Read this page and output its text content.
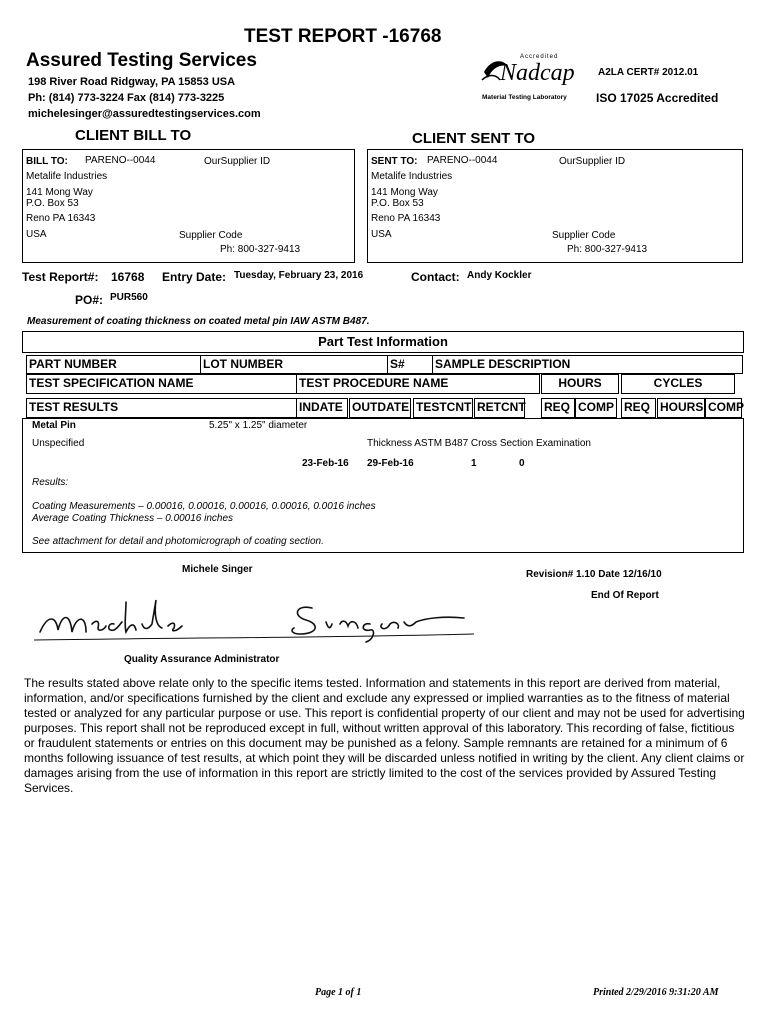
TEST REPORT -16768
Assured Testing Services
198 River Road Ridgway, PA 15853 USA
Ph: (814) 773-3224 Fax (814) 773-3225
michelesinger@assuredtestingservices.com
Accredited
Nadcap
Material Testing Laboratory
A2LA CERT# 2012.01
ISO 17025 Accredited
CLIENT BILL TO	CLIENT SENT TO
BILL TO: PARENO--0044	OurSupplier ID
Metalife Industries
141 Mong Way
P.O. Box 53
Reno PA 16343
USA	Supplier Code
Ph: 800-327-9413
SENT TO: PARENO--0044	OurSupplier ID
Metalife Industries
141 Mong Way
P.O. Box 53
Reno PA 16343
USA	Supplier Code
Ph: 800-327-9413
Test Report#: 16768 Entry Date: Tuesday, February 23, 2016	Contact: Andy Kockler
PO#: PUR560
Measurement of coating thickness on coated metal pin IAW ASTM B487.
Part Test Information
PART NUMBER	LOT NUMBER	S#	SAMPLE DESCRIPTION
TEST SPECIFICATION NAME	TEST PROCEDURE NAME	HOURS	CYCLES
TEST RESULTS	INDATE OUTDATE TESTCNT RETCNT REQ COMP REQ HOURS COMP
Metal Pin	5.25" x 1.25" diameter
Unspecified	Thickness ASTM B487 Cross Section Examination
23-Feb-16 29-Feb-16	1	0
Results:
Coating Measurements – 0.00016, 0.00016, 0.00016, 0.00016, 0.0016 inches
Average Coating Thickness – 0.00016 inches
See attachment for detail and photomicrograph of coating section.
Michele Singer	Revision# 1.10 Date 12/16/10
End Of Report
Quality Assurance Administrator
The results stated above relate only to the specific items tested. Information and statements in this report are derived from material, information, and/or specifications furnished by the client and exclude any expressed or implied warranties as to the fitness of material tested or analyzed for any particular purpose or use. This report is confidential property of our client and may not be used for advertising purposes. This report shall not be reproduced except in full, without written approval of this laboratory. This recording of false, fictitious or fraudulent statements or entries on this document may be punished as a felony. Sample remnants are retained for a minimum of 6 months following issuance of test results, at which point they will be discarded unless notified in writing by the client. Any client claims or damages arising from the use of information in this report are strictly limited to the cost of the services provided by Assured Testing Services.
Page 1 of 1	Printed 2/29/2016 9:31:20 AM
